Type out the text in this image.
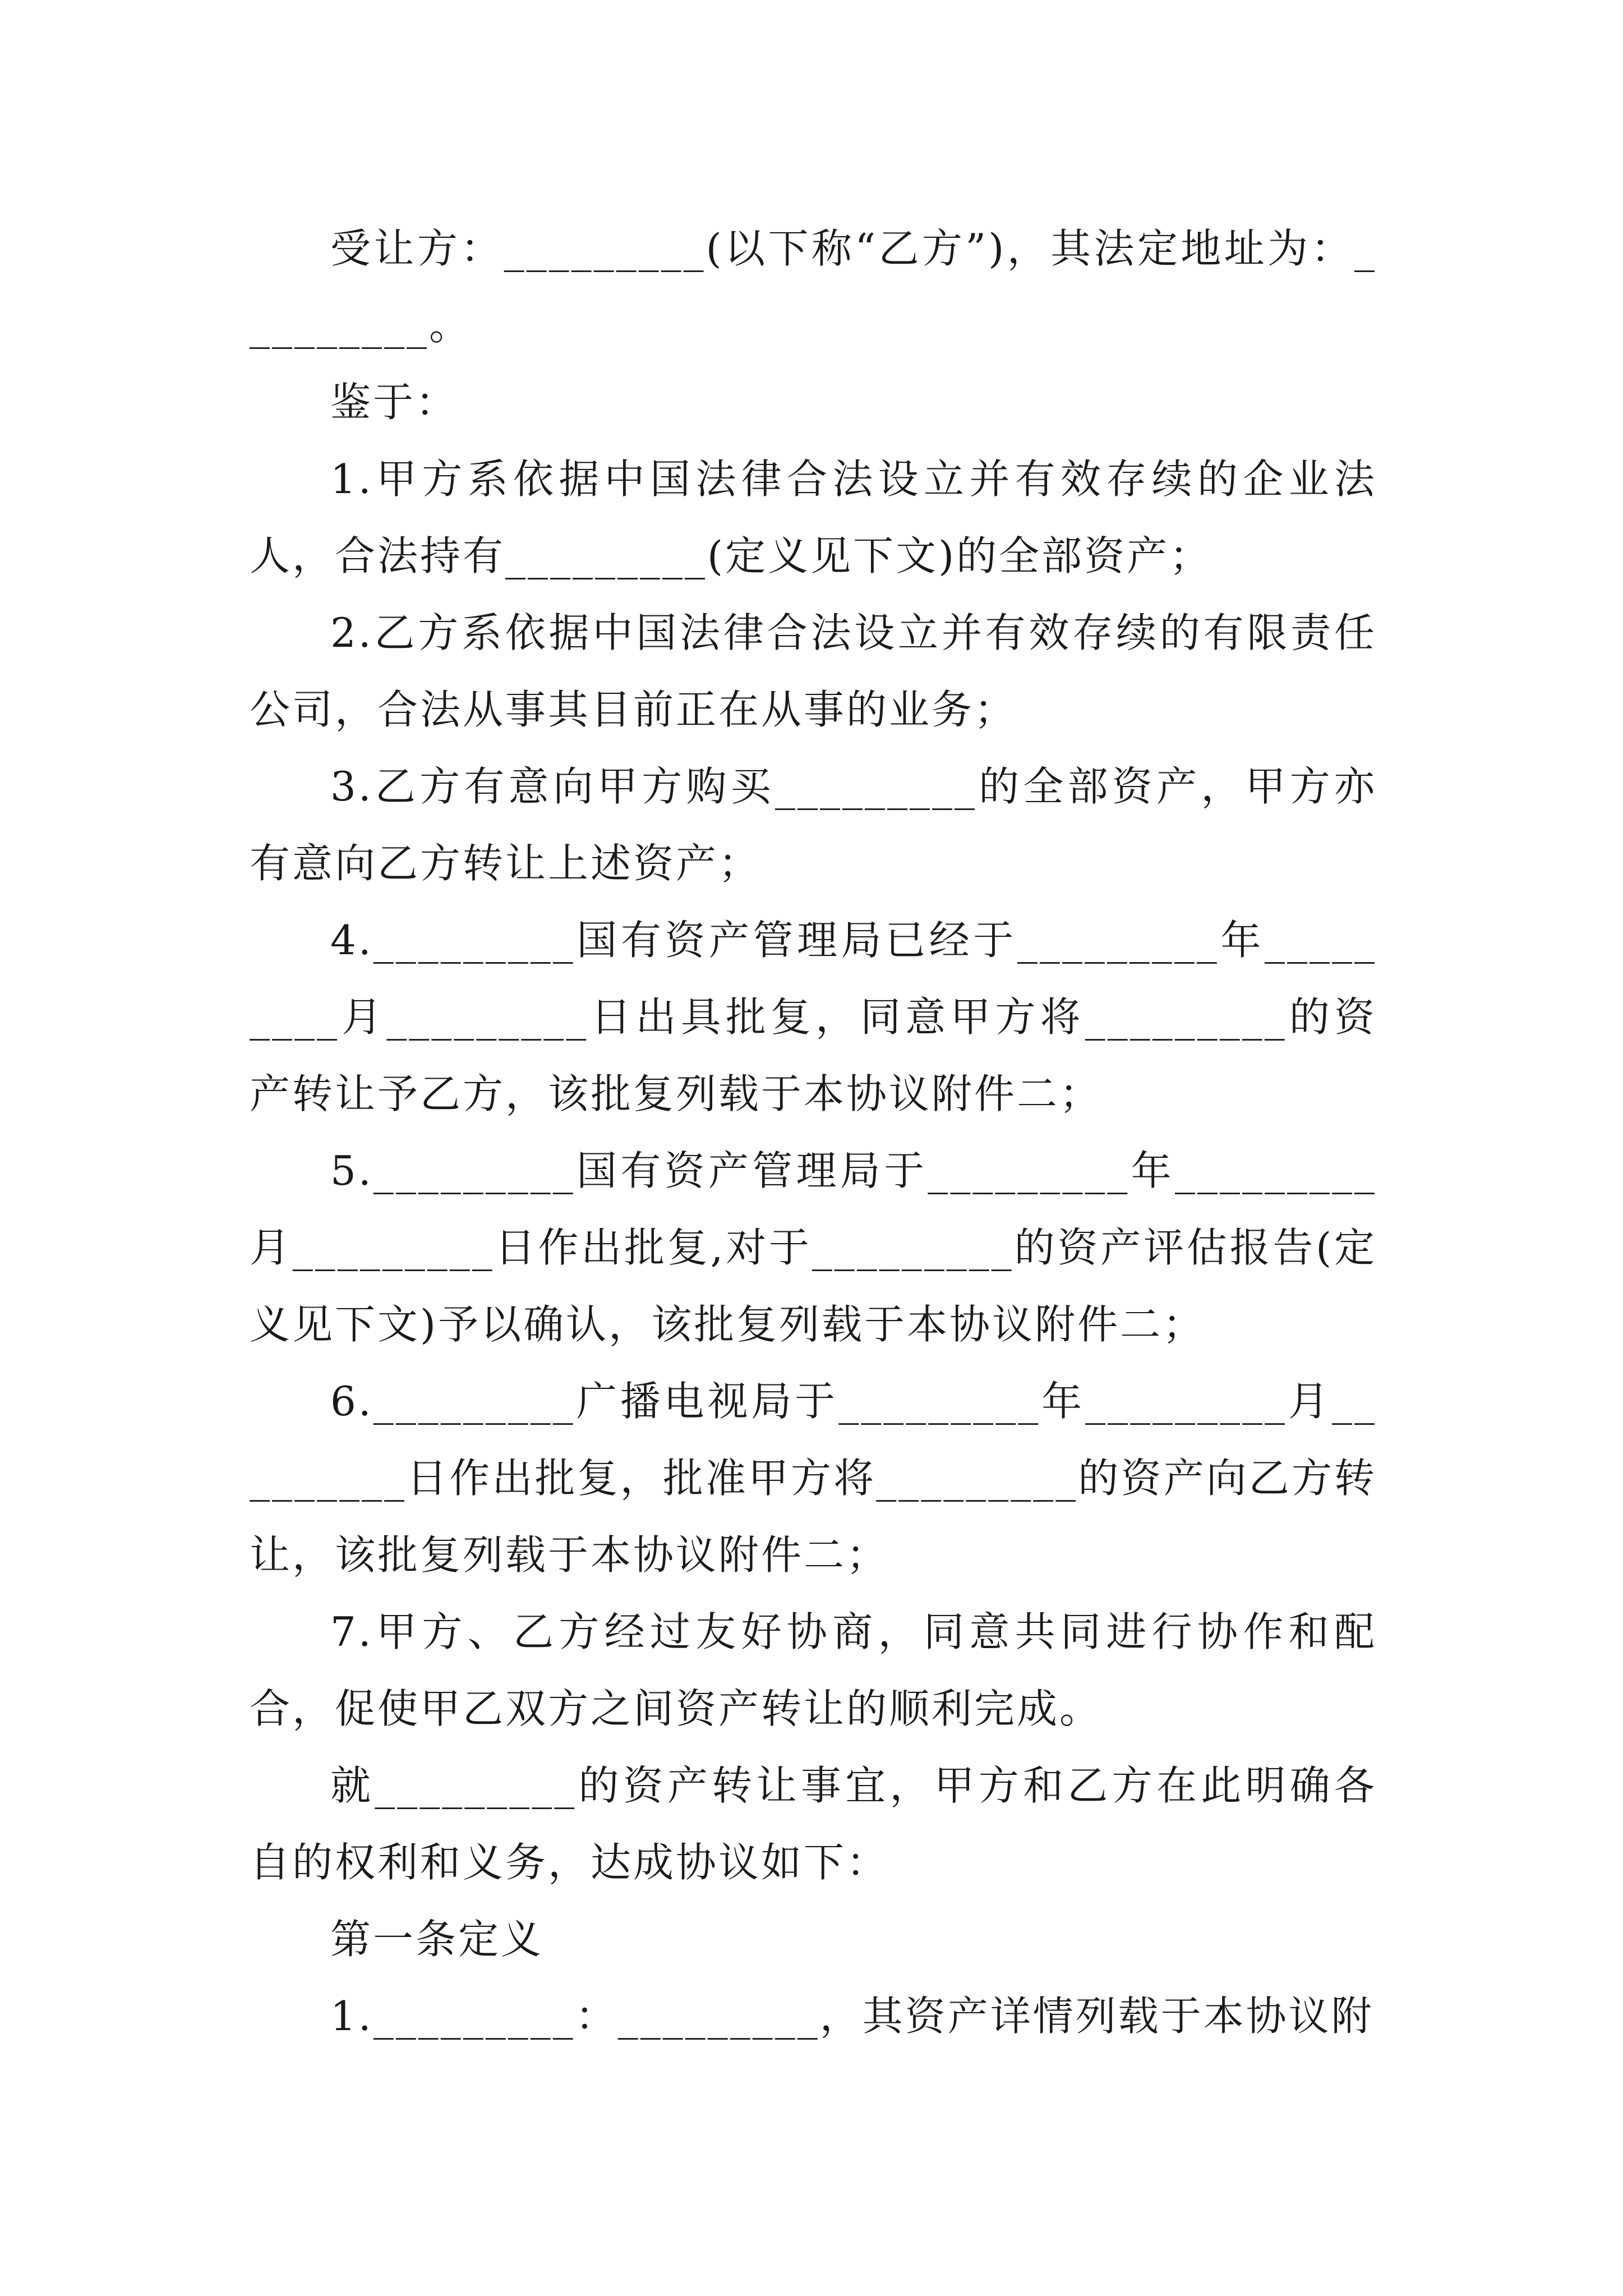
受让方：_________(以下称“乙方”)，其法定地址为：_________。

鉴于：

1.甲方系依据中国法律合法设立并有效存续的企业法人，合法持有_________(定义见下文)的全部资产；

2.乙方系依据中国法律合法设立并有效存续的有限责任公司，合法从事其目前正在从事的业务；

3.乙方有意向甲方购买_________的全部资产，甲方亦有意向乙方转让上述资产；

4._________国有资产管理局已经于_________年_________月_________日出具批复，同意甲方将_________的资产转让予乙方，该批复列载于本协议附件二；

5._________国有资产管理局于_________年_________月_________日作出批复,对于_________的资产评估报告(定义见下文)予以确认，该批复列载于本协议附件二；

6._________广播电视局于_________年_________月_________日作出批复，批准甲方将_________的资产向乙方转让，该批复列载于本协议附件二；

7.甲方、乙方经过友好协商，同意共同进行协作和配合，促使甲乙双方之间资产转让的顺利完成。

就_________的资产转让事宜，甲方和乙方在此明确各自的权利和义务，达成协议如下：

第一条定义

1._________：_________，其资产详情列载于本协议附
